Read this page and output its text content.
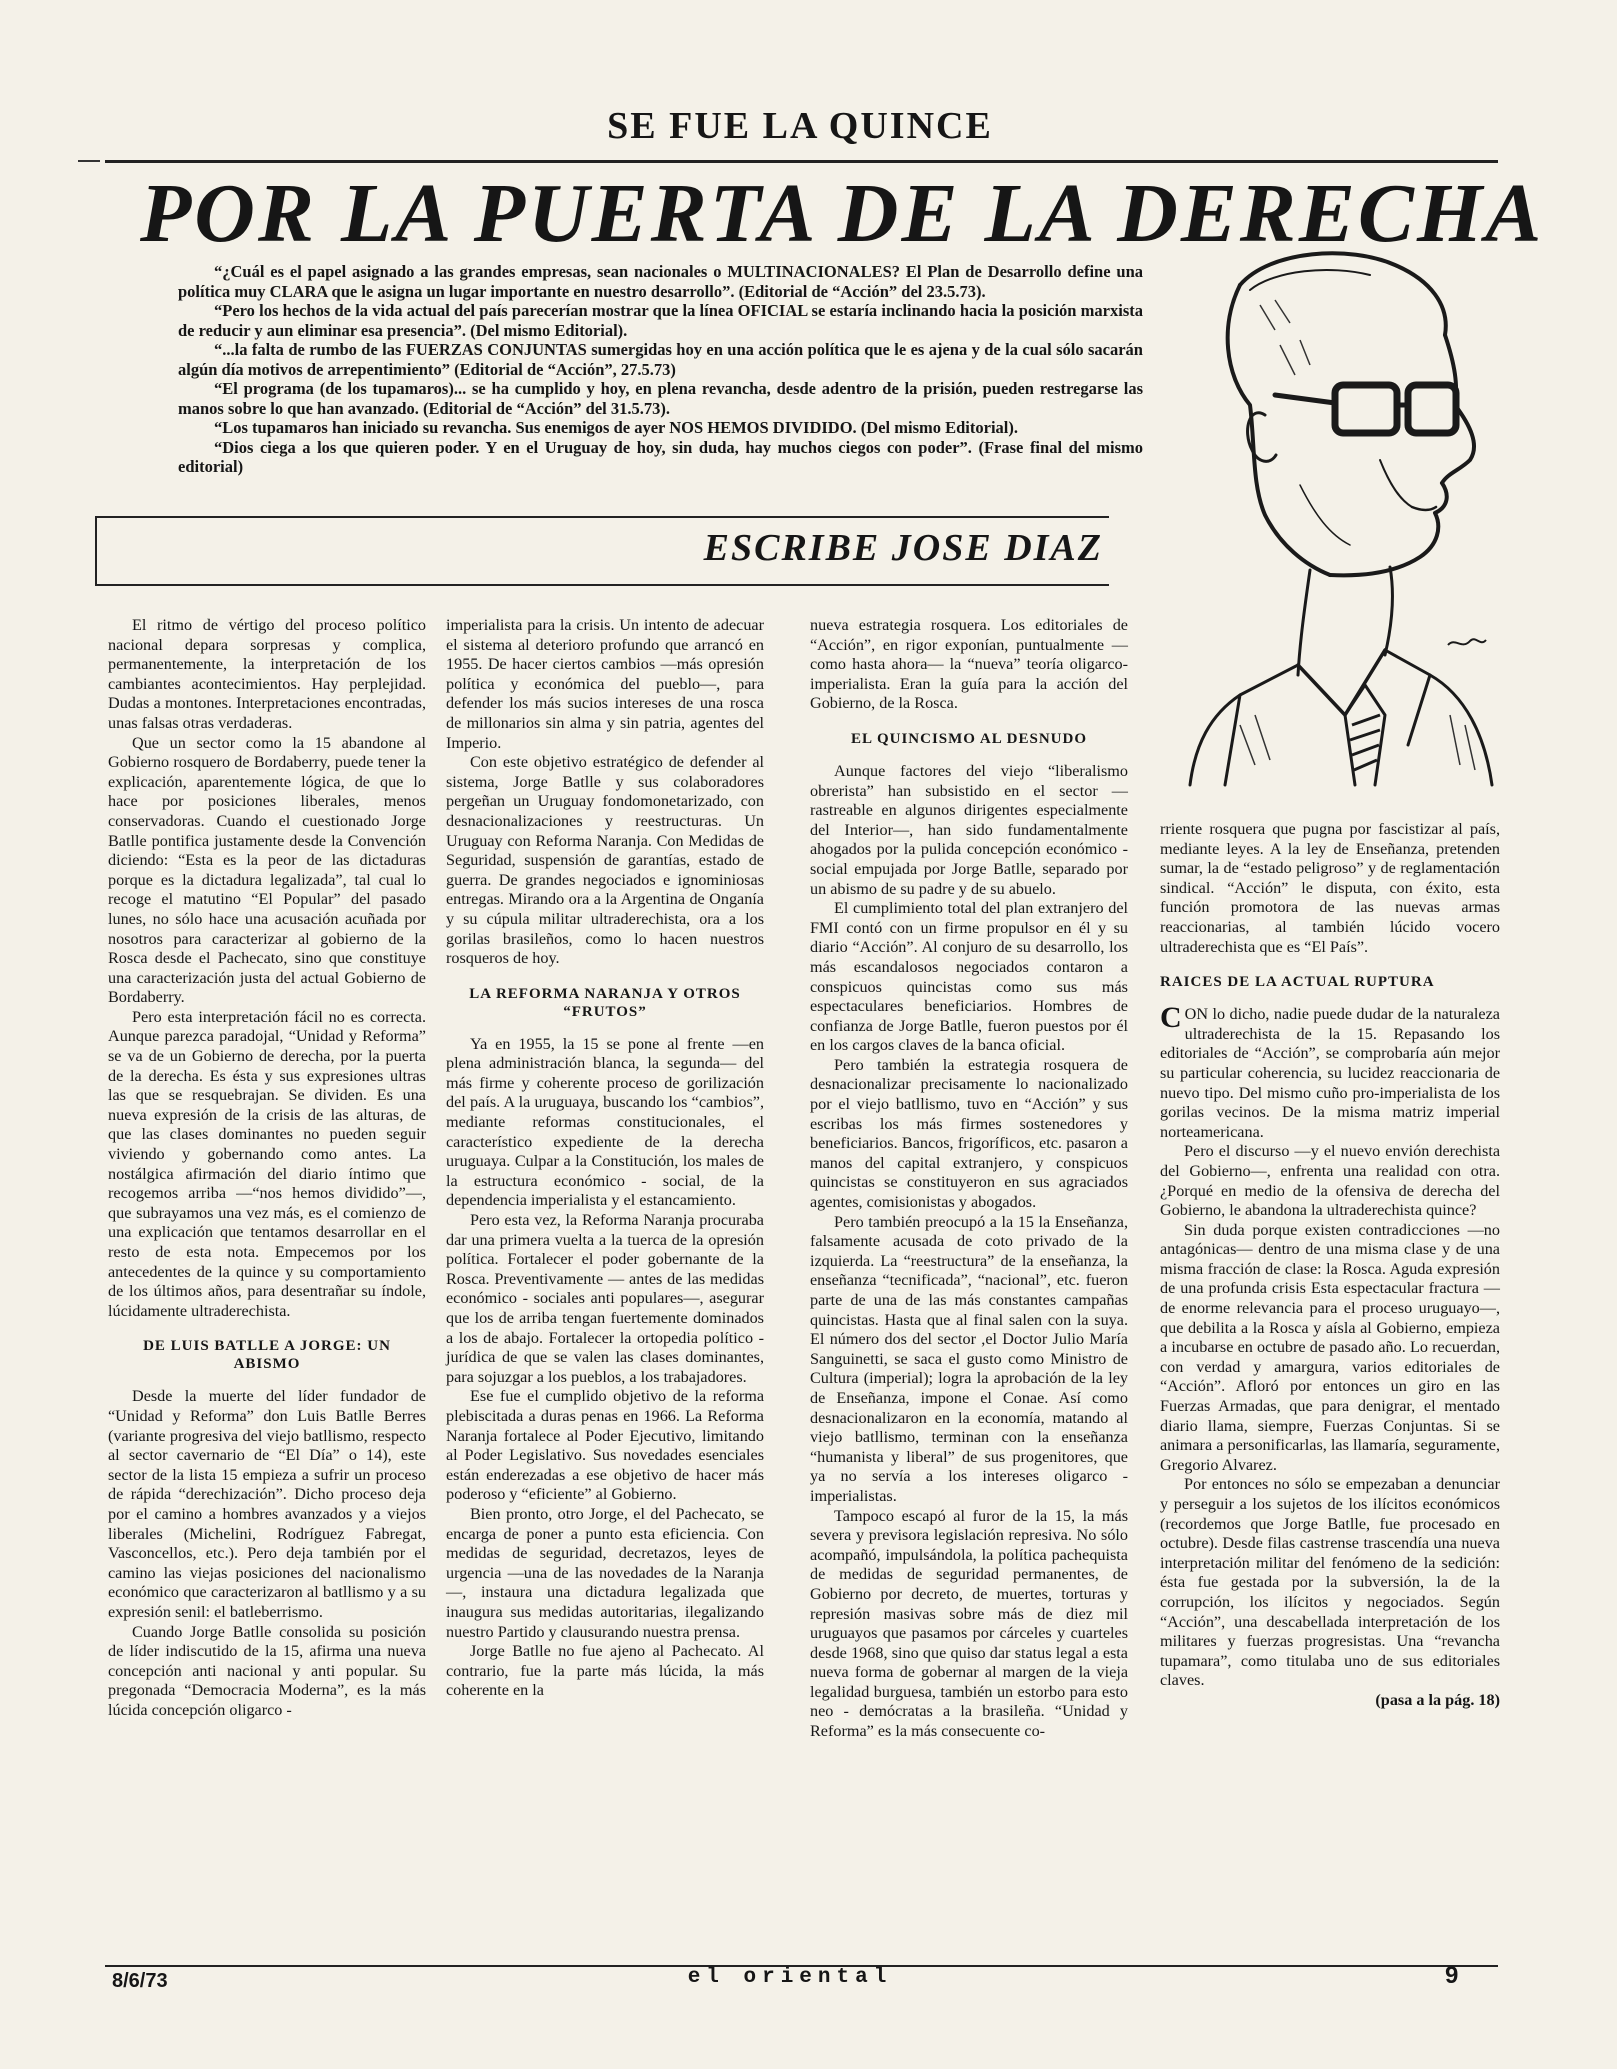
SE FUE LA QUINCE
POR LA PUERTA DE LA DERECHA

“¿Cuál es el papel asignado a las grandes empresas, sean nacionales o MULTINACIONALES? El Plan de Desarrollo define una política muy CLARA que le asigna un lugar importante en nuestro desarrollo”. (Editorial de “Acción” del 23.5.73).

“Pero los hechos de la vida actual del país parecerían mostrar que la línea OFICIAL se estaría inclinando hacia la posición marxista de reducir y aun eliminar esa presencia”. (Del mismo Editorial).

“...la falta de rumbo de las FUERZAS CONJUNTAS sumergidas hoy en una acción política que le es ajena y de la cual sólo sacarán algún día motivos de arrepentimiento” (Editorial de “Acción”, 27.5.73)

“El programa (de los tupamaros)... se ha cumplido y hoy, en plena revancha, desde adentro de la prisión, pueden restregarse las manos sobre lo que han avanzado. (Editorial de “Acción” del 31.5.73).

“Los tupamaros han iniciado su revancha. Sus enemigos de ayer NOS HEMOS DIVIDIDO. (Del mismo Editorial).

“Dios ciega a los que quieren poder. Y en el Uruguay de hoy, sin duda, hay muchos ciegos con poder”. (Frase final del mismo editorial)

ESCRIBE JOSE DIAZ

El ritmo de vértigo del proceso político nacional depara sorpresas y complica, permanentemente, la interpretación de los cambiantes acontecimientos. Hay perplejidad. Dudas a montones. Interpretaciones encontradas, unas falsas otras verdaderas.

Que un sector como la 15 abandone al Gobierno rosquero de Bordaberry, puede tener la explicación, aparentemente lógica, de que lo hace por posiciones liberales, menos conservadoras. Cuando el cuestionado Jorge Batlle pontifica justamente desde la Convención diciendo: “Esta es la peor de las dictaduras porque es la dictadura legalizada”, tal cual lo recoge el matutino “El Popular” del pasado lunes, no sólo hace una acusación acuñada por nosotros para caracterizar al gobierno de la Rosca desde el Pachecato, sino que constituye una caracterización justa del actual Gobierno de Bordaberry.

Pero esta interpretación fácil no es correcta. Aunque parezca paradojal, “Unidad y Reforma” se va de un Gobierno de derecha, por la puerta de la derecha. Es ésta y sus expresiones ultras las que se resquebrajan. Se dividen. Es una nueva expresión de la crisis de las alturas, de que las clases dominantes no pueden seguir viviendo y gobernando como antes. La nostálgica afirmación del diario íntimo que recogemos arriba —“nos hemos dividido”—, que subrayamos una vez más, es el comienzo de una explicación que tentamos desarrollar en el resto de esta nota. Empecemos por los antecedentes de la quince y su comportamiento de los últimos años, para desentrañar su índole, lúcidamente ultraderechista.

DE LUIS BATLLE A JORGE: UN ABISMO

Desde la muerte del líder fundador de “Unidad y Reforma” don Luis Batlle Berres (variante progresiva del viejo batllismo, respecto al sector cavernario de “El Día” o 14), este sector de la lista 15 empieza a sufrir un proceso de rápida “derechización”. Dicho proceso deja por el camino a hombres avanzados y a viejos liberales (Michelini, Rodríguez Fabregat, Vasconcellos, etc.). Pero deja también por el camino las viejas posiciones del nacionalismo económico que caracterizaron al batllismo y a su expresión senil: el batleberrismo.

Cuando Jorge Batlle consolida su posición de líder indiscutido de la 15, afirma una nueva concepción anti nacional y anti popular. Su pregonada “Democracia Moderna”, es la más lúcida concepción oligarco -

imperialista para la crisis. Un intento de adecuar el sistema al deterioro profundo que arrancó en 1955. De hacer ciertos cambios —más opresión política y económica del pueblo—, para defender los más sucios intereses de una rosca de millonarios sin alma y sin patria, agentes del Imperio.

Con este objetivo estratégico de defender al sistema, Jorge Batlle y sus colaboradores pergeñan un Uruguay fondomonetarizado, con desnacionalizaciones y reestructuras. Un Uruguay con Reforma Naranja. Con Medidas de Seguridad, suspensión de garantías, estado de guerra. De grandes negociados e ignominiosas entregas. Mirando ora a la Argentina de Onganía y su cúpula militar ultraderechista, ora a los gorilas brasileños, como lo hacen nuestros rosqueros de hoy.

LA REFORMA NARANJA Y OTROS “FRUTOS”

Ya en 1955, la 15 se pone al frente —en plena administración blanca, la segunda— del más firme y coherente proceso de gorilización del país. A la uruguaya, buscando los “cambios”, mediante reformas constitucionales, el característico expediente de la derecha uruguaya. Culpar a la Constitución, los males de la estructura económico - social, de la dependencia imperialista y el estancamiento.

Pero esta vez, la Reforma Naranja procuraba dar una primera vuelta a la tuerca de la opresión política. Fortalecer el poder gobernante de la Rosca. Preventivamente — antes de las medidas económico - sociales anti populares—, asegurar que los de arriba tengan fuertemente dominados a los de abajo. Fortalecer la ortopedia político - jurídica de que se valen las clases dominantes, para sojuzgar a los pueblos, a los trabajadores.

Ese fue el cumplido objetivo de la reforma plebiscitada a duras penas en 1966. La Reforma Naranja fortalece al Poder Ejecutivo, limitando al Poder Legislativo. Sus novedades esenciales están enderezadas a ese objetivo de hacer más poderoso y “eficiente” al Gobierno.

Bien pronto, otro Jorge, el del Pachecato, se encarga de poner a punto esta eficiencia. Con medidas de seguridad, decretazos, leyes de urgencia —una de las novedades de la Naranja—, instaura una dictadura legalizada que inaugura sus medidas autoritarias, ilegalizando nuestro Partido y clausurando nuestra prensa.

Jorge Batlle no fue ajeno al Pachecato. Al contrario, fue la parte más lúcida, la más coherente en la

nueva estrategia rosquera. Los editoriales de “Acción”, en rigor exponían, puntualmente —como hasta ahora— la “nueva” teoría oligarco-imperialista. Eran la guía para la acción del Gobierno, de la Rosca.

EL QUINCISMO AL DESNUDO

Aunque factores del viejo “liberalismo obrerista” han subsistido en el sector —rastreable en algunos dirigentes especialmente del Interior—, han sido fundamentalmente ahogados por la pulida concepción económico - social empujada por Jorge Batlle, separado por un abismo de su padre y de su abuelo.

El cumplimiento total del plan extranjero del FMI contó con un firme propulsor en él y su diario “Acción”. Al conjuro de su desarrollo, los más escandalosos negociados contaron a conspicuos quincistas como sus más espectaculares beneficiarios. Hombres de confianza de Jorge Batlle, fueron puestos por él en los cargos claves de la banca oficial.

Pero también la estrategia rosquera de desnacionalizar precisamente lo nacionalizado por el viejo batllismo, tuvo en “Acción” y sus escribas los más firmes sostenedores y beneficiarios. Bancos, frigoríficos, etc. pasaron a manos del capital extranjero, y conspicuos quincistas se constituyeron en sus agraciados agentes, comisionistas y abogados.

Pero también preocupó a la 15 la Enseñanza, falsamente acusada de coto privado de la izquierda. La “reestructura” de la enseñanza, la enseñanza “tecnificada”, “nacional”, etc. fueron parte de una de las más constantes campañas quincistas. Hasta que al final salen con la suya. El número dos del sector ,el Doctor Julio María Sanguinetti, se saca el gusto como Ministro de Cultura (imperial); logra la aprobación de la ley de Enseñanza, impone el Conae. Así como desnacionalizaron en la economía, matando al viejo batllismo, terminan con la enseñanza “humanista y liberal” de sus progenitores, que ya no servía a los intereses oligarco - imperialistas.

Tampoco escapó al furor de la 15, la más severa y previsora legislación represiva. No sólo acompañó, impulsándola, la política pachequista de medidas de seguridad permanentes, de Gobierno por decreto, de muertes, torturas y represión masivas sobre más de diez mil uruguayos que pasamos por cárceles y cuarteles desde 1968, sino que quiso dar status legal a esta nueva forma de gobernar al margen de la vieja legalidad burguesa, también un estorbo para esto neo - demócratas a la brasileña. “Unidad y Reforma” es la más consecuente co-

rriente rosquera que pugna por fascistizar al país, mediante leyes. A la ley de Enseñanza, pretenden sumar, la de “estado peligroso” y de reglamentación sindical. “Acción” le disputa, con éxito, esta función promotora de las nuevas armas reaccionarias, al también lúcido vocero ultraderechista que es “El País”.

RAICES DE LA ACTUAL RUPTURA

CON lo dicho, nadie puede dudar de la naturaleza ultraderechista de la 15. Repasando los editoriales de “Acción”, se comprobaría aún mejor su particular coherencia, su lucidez reaccionaria de nuevo tipo. Del mismo cuño pro-imperialista de los gorilas vecinos. De la misma matriz imperial norteamericana.

Pero el discurso —y el nuevo envión derechista del Gobierno—, enfrenta una realidad con otra. ¿Porqué en medio de la ofensiva de derecha del Gobierno, le abandona la ultraderechista quince?

Sin duda porque existen contradicciones —no antagónicas— dentro de una misma clase y de una misma fracción de clase: la Rosca. Aguda expresión de una profunda crisis Esta espectacular fractura —de enorme relevancia para el proceso uruguayo—, que debilita a la Rosca y aísla al Gobierno, empieza a incubarse en octubre de pasado año. Lo recuerdan, con verdad y amargura, varios editoriales de “Acción”. Afloró por entonces un giro en las Fuerzas Armadas, que para denigrar, el mentado diario llama, siempre, Fuerzas Conjuntas. Si se animara a personificarlas, las llamaría, seguramente, Gregorio Alvarez.

Por entonces no sólo se empezaban a denunciar y perseguir a los sujetos de los ilícitos económicos (recordemos que Jorge Batlle, fue procesado en octubre). Desde filas castrense trascendía una nueva interpretación militar del fenómeno de la sedición: ésta fue gestada por la subversión, la de la corrupción, los ilícitos y negociados. Según “Acción”, una descabellada interpretación de los militares y fuerzas progresistas. Una “revancha tupamara”, como titulaba uno de sus editoriales claves.

(pasa a la pág. 18)

8/6/73	el oriental	9
